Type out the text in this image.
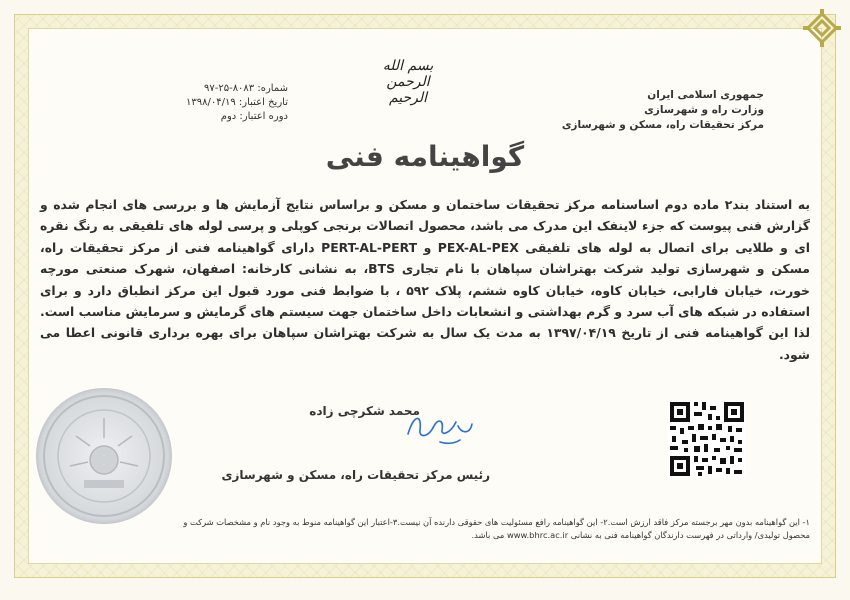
بسم الله الرحمن الرحیم	جمهوری اسلامی ایران
وزارت راه و شهرسازی
مرکز تحقیقات راه، مسکن و شهرسازی
شماره: ۸۰۸۳-۲۵-۹۷
تاریخ اعتبار: ۱۳۹۸/۰۴/۱۹
دوره اعتبار: دوم
گواهینامه فنی
به استناد بند۲ ماده دوم اساسنامه مرکز تحقیقات ساختمان و مسکن و براساس نتایج آزمایش ها و بررسی های انجام شده و گزارش فنی پیوست که جزء لاینفک این مدرک می باشد، محصول اتصالات برنجی کوپلی و پرسی لوله های تلفیقی به رنگ نقره ای و طلایی برای اتصال به لوله های تلفیقی PEX-AL-PEX و PERT-AL-PERT دارای گواهینامه فنی از مرکز تحقیقات راه، مسکن و شهرسازی تولید شرکت بهتراشان سپاهان با نام تجاری BTS، به نشانی کارخانه: اصفهان، شهرک صنعتی مورچه خورت، خیابان فارابی، خیابان کاوه، خیابان کاوه ششم، پلاک ۵۹۲ ، با ضوابط فنی مورد قبول این مرکز انطباق دارد و برای استفاده در شبکه های آب سرد و گرم بهداشتی و انشعابات داخل ساختمان جهت سیستم های گرمایش و سرمایش مناسب است. لذا این گواهینامه فنی از تاریخ ۱۳۹۷/۰۴/۱۹ به مدت یک سال به شرکت بهتراشان سپاهان برای بهره برداری قانونی اعطا می شود.
محمد شکرچی زاده
رئیس مرکز تحقیقات راه، مسکن و شهرسازی
۱- این گواهینامه بدون مهر برجسته مرکز فاقد ارزش است.۲- این گواهینامه رافع مسئولیت های حقوقی دارنده آن نیست.۳-اعتبار این گواهینامه منوط به وجود نام و مشخصات شرکت و
محصول تولیدی/ وارداتی در فهرست دارندگان گواهینامه فنی به نشانی www.bhrc.ac.ir می باشد.
